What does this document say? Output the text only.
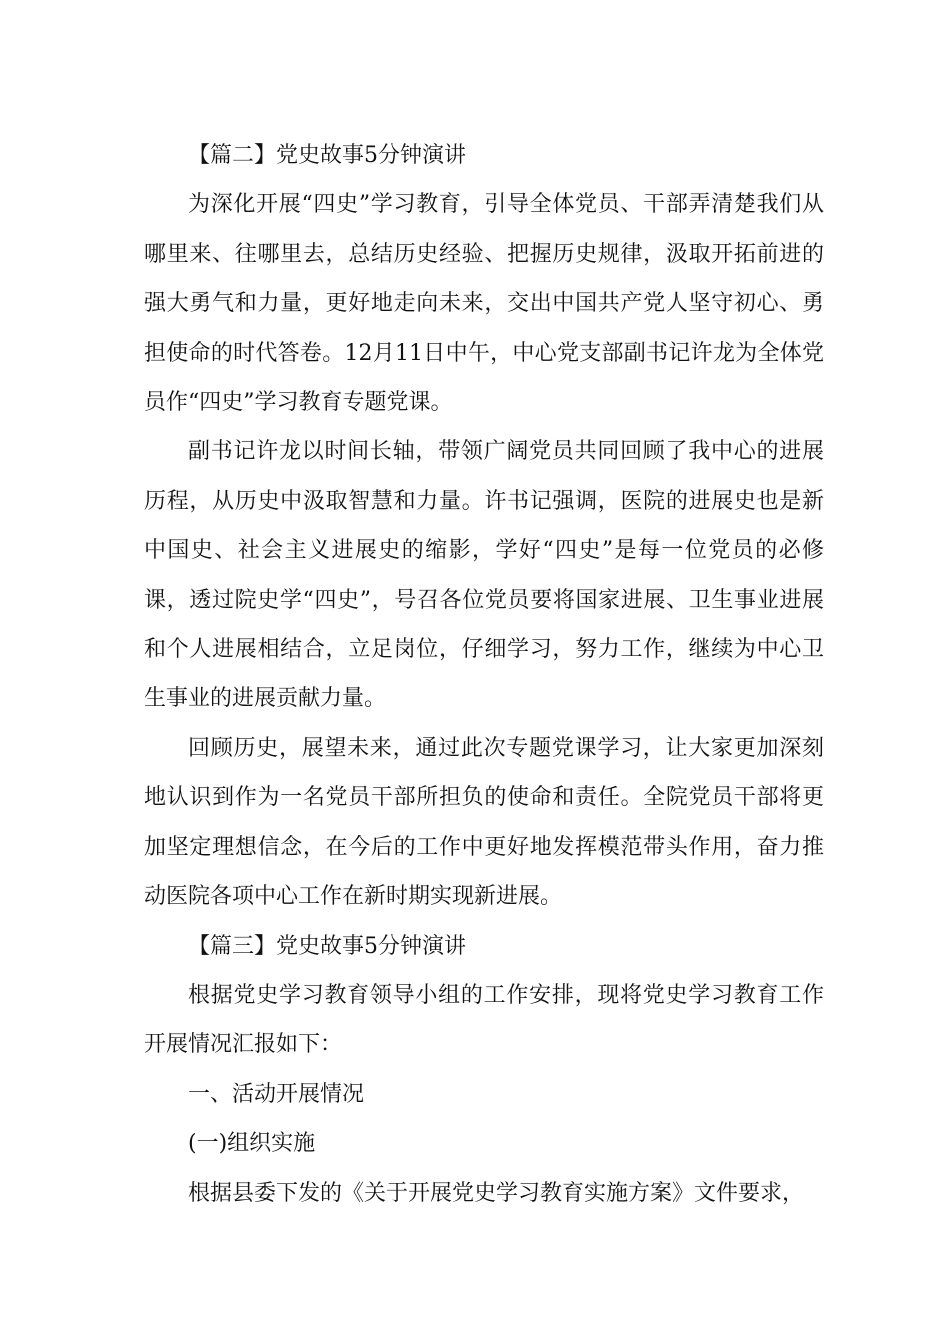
【篇二】党史故事5分钟演讲

为深化开展“四史”学习教育，引导全体党员、干部弄清楚我们从哪里来、往哪里去，总结历史经验、把握历史规律，汲取开拓前进的强大勇气和力量，更好地走向未来，交出中国共产党人坚守初心、勇担使命的时代答卷。12月11日中午，中心党支部副书记许龙为全体党员作“四史”学习教育专题党课。

副书记许龙以时间长轴，带领广阔党员共同回顾了我中心的进展历程，从历史中汲取智慧和力量。许书记强调，医院的进展史也是新中国史、社会主义进展史的缩影，学好“四史”是每一位党员的必修课，透过院史学“四史”，号召各位党员要将国家进展、卫生事业进展和个人进展相结合，立足岗位，仔细学习，努力工作，继续为中心卫生事业的进展贡献力量。

回顾历史，展望未来，通过此次专题党课学习，让大家更加深刻地认识到作为一名党员干部所担负的使命和责任。全院党员干部将更加坚定理想信念，在今后的工作中更好地发挥模范带头作用，奋力推动医院各项中心工作在新时期实现新进展。

【篇三】党史故事5分钟演讲

根据党史学习教育领导小组的工作安排，现将党史学习教育工作开展情况汇报如下：

一、活动开展情况

(一)组织实施

根据县委下发的《关于开展党史学习教育实施方案》文件要求，
